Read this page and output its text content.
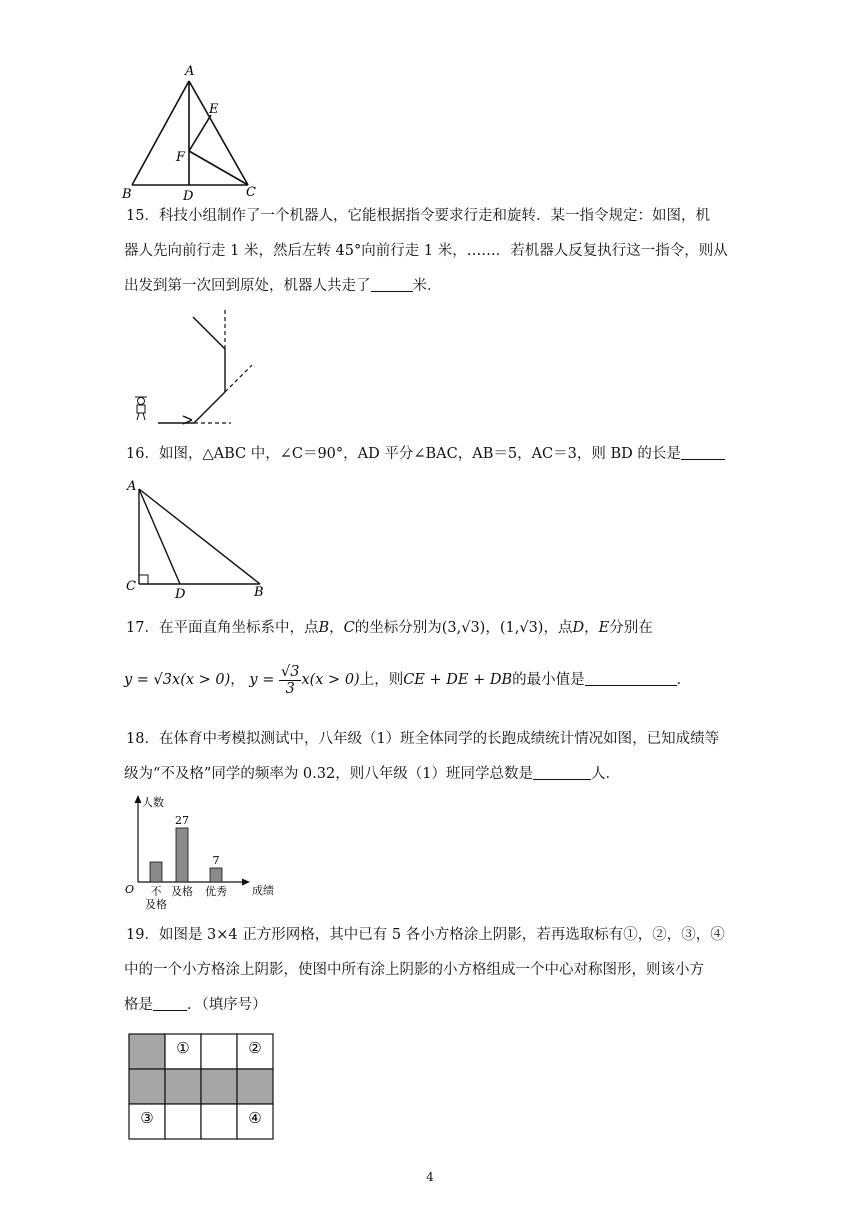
A
E
F
B	D	C

15．科技小组制作了一个机器人，它能根据指令要求行走和旋转．某一指令规定：如图，机

器人先向前行走 1 米，然后左转 45°向前行走 1 米，……．若机器人反复执行这一指令，则从

出发到第一次回到原处，机器人共走了	米．

16．如图，△ABC 中，∠C＝90°，AD 平分∠BAC，AB＝5，AC＝3，则 BD 的长是

A
C
D	B

17．在平面直角坐标系中，点B，C的坐标分别为(3,√3)，(1,√3)，点D，E分别在

y = √3x(x > 0)， $y = \frac{√3}{3} x(x > 0)$上，则CE + DE + DB的最小值是	．

18．在体育中考模拟测试中，八年级（1）班全体同学的长跑成绩统计情况如图，已知成绩等

级为“不及格”同学的频率为 0.32，则八年级（1）班同学总数是	人．

人数
成绩
O 不
及格
27
及格
7
优秀

19．如图是 3×4 正方形网格，其中已有 5 各小方格涂上阴影，若再选取标有①，②，③，④

中的一个小方格涂上阴影，使图中所有涂上阴影的小方格组成一个中心对称图形，则该小方

格是 ．（填序号）

①	②
③	④
4
